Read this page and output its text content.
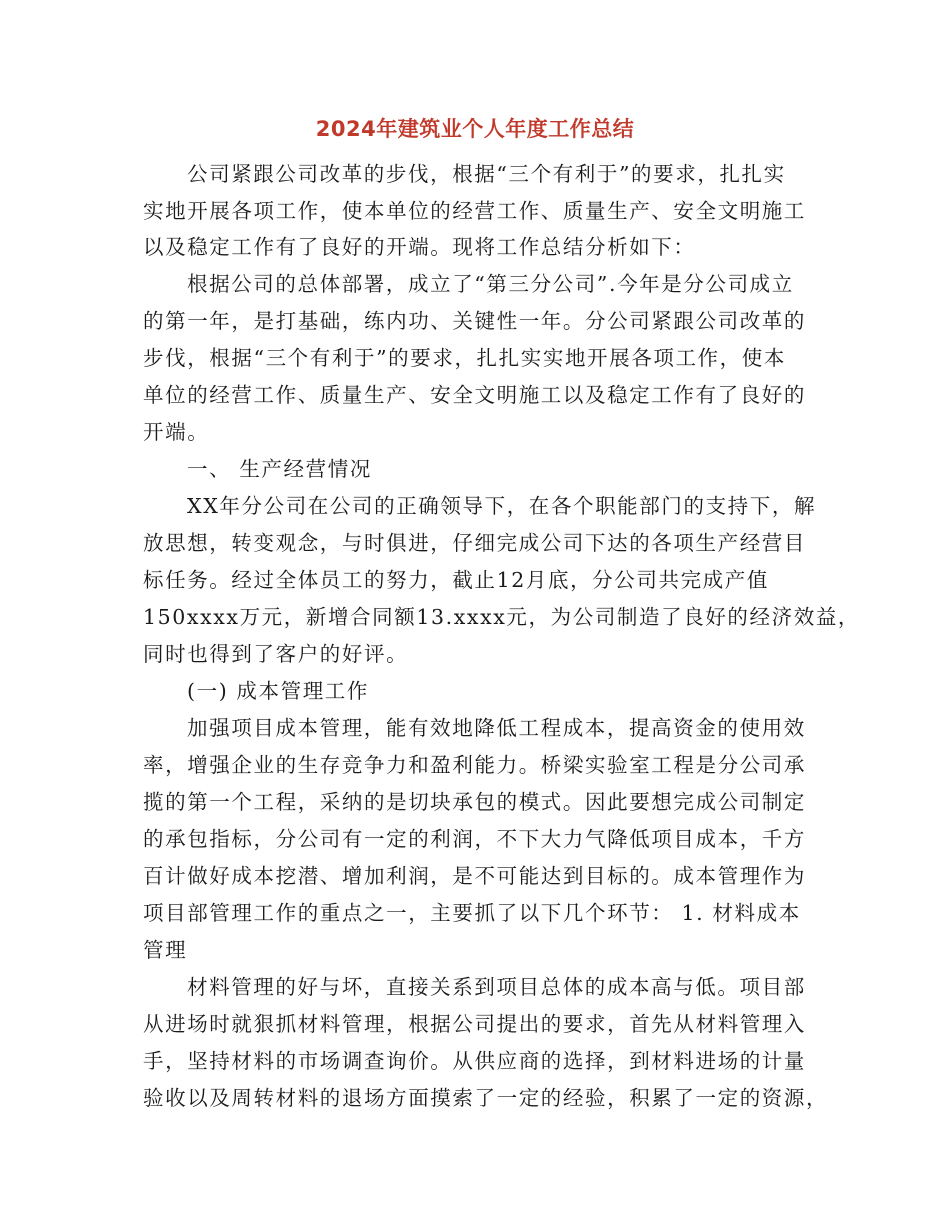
2024年建筑业个人年度工作总结
公司紧跟公司改革的步伐，根据“三个有利于”的要求，扎扎实
实地开展各项工作，使本单位的经营工作、质量生产、安全文明施工
以及稳定工作有了良好的开端。现将工作总结分析如下：
根据公司的总体部署，成立了“第三分公司”.今年是分公司成立
的第一年，是打基础，练内功、关键性一年。分公司紧跟公司改革的
步伐，根据“三个有利于”的要求，扎扎实实地开展各项工作，使本
单位的经营工作、质量生产、安全文明施工以及稳定工作有了良好的
开端。
一、 生产经营情况
XX年分公司在公司的正确领导下，在各个职能部门的支持下，解
放思想，转变观念，与时俱进，仔细完成公司下达的各项生产经营目
标任务。经过全体员工的努力，截止12月底，分公司共完成产值
150xxxx万元，新增合同额13.xxxx元，为公司制造了良好的经济效益，
同时也得到了客户的好评。
(一) 成本管理工作
加强项目成本管理，能有效地降低工程成本，提高资金的使用效
率，增强企业的生存竞争力和盈利能力。桥梁实验室工程是分公司承
揽的第一个工程，采纳的是切块承包的模式。因此要想完成公司制定
的承包指标，分公司有一定的利润，不下大力气降低项目成本，千方
百计做好成本挖潜、增加利润，是不可能达到目标的。成本管理作为
项目部管理工作的重点之一，主要抓了以下几个环节： 1. 材料成本
管理
材料管理的好与坏，直接关系到项目总体的成本高与低。项目部
从进场时就狠抓材料管理，根据公司提出的要求，首先从材料管理入
手，坚持材料的市场调查询价。从供应商的选择，到材料进场的计量
验收以及周转材料的退场方面摸索了一定的经验，积累了一定的资源，
